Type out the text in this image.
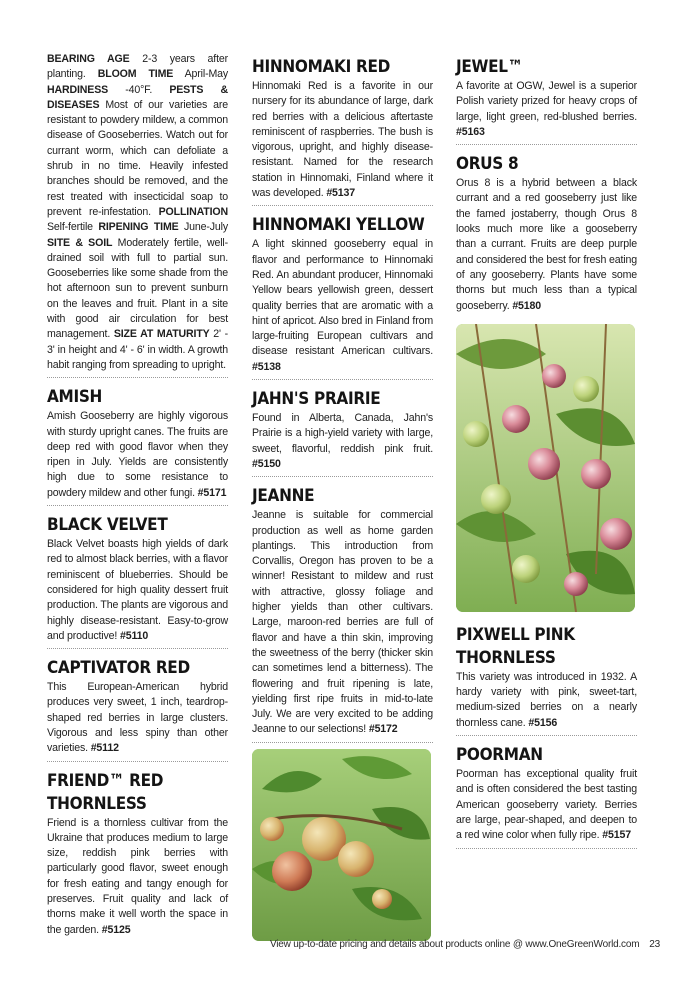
BEARING AGE 2-3 years after planting. BLOOM TIME April-May HARDINESS -40°F. PESTS & DISEASES Most of our varieties are resistant to powdery mildew, a common disease of Gooseberries. Watch out for currant worm, which can defoliate a shrub in no time. Heavily infested branches should be removed, and the rest treated with insecticidal soap to prevent re-infestation. POLLINATION Self-fertile RIPENING TIME June-July SITE & SOIL Moderately fertile, well-drained soil with full to partial sun. Gooseberries like some shade from the hot afternoon sun to prevent sunburn on the leaves and fruit. Plant in a site with good air circulation for best management. SIZE AT MATURITY 2' - 3' in height and 4' - 6' in width. A growth habit ranging from spreading to upright.

AMISH

Amish Gooseberry are highly vigorous with sturdy upright canes. The fruits are deep red with good flavor when they ripen in July. Yields are consistently high due to some resistance to powdery mildew and other fungi. #5171

BLACK VELVET

Black Velvet boasts high yields of dark red to almost black berries, with a flavor reminiscent of blueberries. Should be considered for high quality dessert fruit production. The plants are vigorous and highly disease-resistant. Easy-to-grow and productive! #5110

CAPTIVATOR RED

This European-American hybrid produces very sweet, 1 inch, teardrop-shaped red berries in large clusters. Vigorous and less spiny than other varieties. #5112

FRIEND™ RED THORNLESS

Friend is a thornless cultivar from the Ukraine that produces medium to large size, reddish pink berries with particularly good flavor, sweet enough for fresh eating and tangy enough for preserves. Fruit quality and lack of thorns make it well worth the space in the garden. #5125

HINNOMAKI RED

Hinnomaki Red is a favorite in our nursery for its abundance of large, dark red berries with a delicious aftertaste reminiscent of raspberries. The bush is vigorous, upright, and highly disease-resistant. Named for the research station in Hinnomaki, Finland where it was developed. #5137

HINNOMAKI YELLOW

A light skinned gooseberry equal in flavor and performance to Hinnomaki Red. An abundant producer, Hinnomaki Yellow bears yellowish green, dessert quality berries that are aromatic with a hint of apricot. Also bred in Finland from large-fruiting European cultivars and disease resistant American cultivars. #5138

JAHN'S PRAIRIE

Found in Alberta, Canada, Jahn's Prairie is a high-yield variety with large, sweet, flavorful, reddish pink fruit. #5150

JEANNE

Jeanne is suitable for commercial production as well as home garden plantings. This introduction from Corvallis, Oregon has proven to be a winner! Resistant to mildew and rust with attractive, glossy foliage and higher yields than other cultivars. Large, maroon-red berries are full of flavor and have a thin skin, improving the sweetness of the berry (thicker skin can sometimes lend a bitterness). The flowering and fruit ripening is late, yielding first ripe fruits in mid-to-late July. We are very excited to be adding Jeanne to our selections! #5172

JEWEL™

A favorite at OGW, Jewel is a superior Polish variety prized for heavy crops of large, light green, red-blushed berries. #5163

ORUS 8

Orus 8 is a hybrid between a black currant and a red gooseberry just like the famed jostaberry, though Orus 8 looks much more like a gooseberry than a currant. Fruits are deep purple and considered the best for fresh eating of any gooseberry. Plants have some thorns but much less than a typical gooseberry. #5180

PIXWELL PINK THORNLESS

This variety was introduced in 1932. A hardy variety with pink, sweet-tart, medium-sized berries on a nearly thornless cane. #5156

POORMAN

Poorman has exceptional quality fruit and is often considered the best tasting American gooseberry variety. Berries are large, pear-shaped, and deepen to a red wine color when fully ripe. #5157

View up-to-date pricing and details about products online @ www.OneGreenWorld.com 23
